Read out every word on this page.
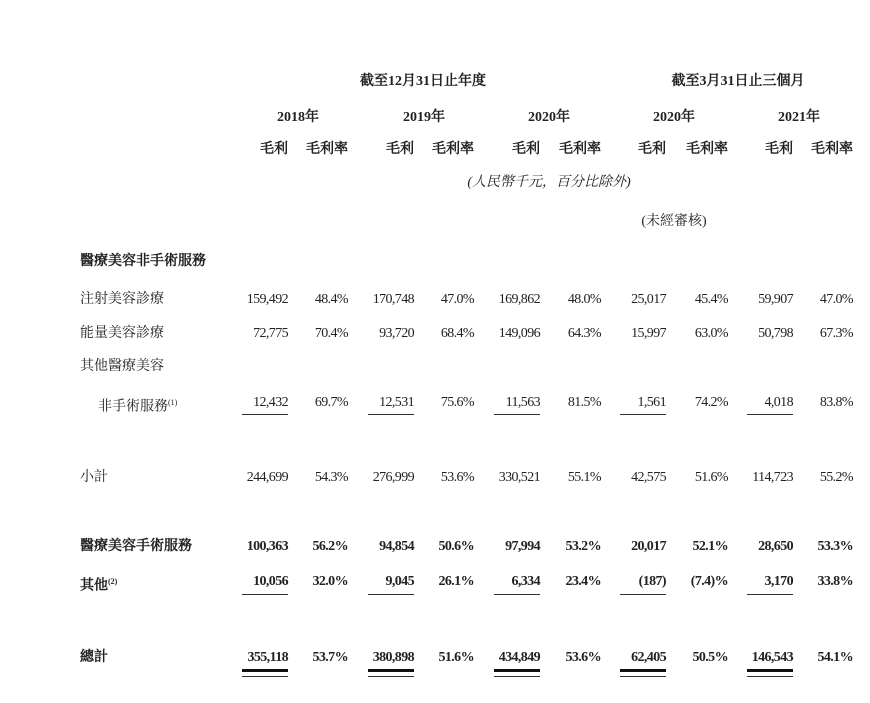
截至12月31日止年度	截至3月31日止三個月
2018年	2019年	2020年	2020年	2021年
毛利 毛利率	毛利 毛利率	毛利 毛利率	毛利 毛利率	毛利 毛利率
(人民幣千元，百分比除外)
(未經審核)
醫療美容非手術服務
注射美容診療	159,492 48.4% 170,748 47.0% 169,862 48.0% 25,017 45.4% 59,907 47.0%
能量美容診療	72,775 70.4% 93,720 68.4% 149,096 64.3% 15,997 63.0% 50,798 67.3%
其他醫療美容
非手術服務$^{(1)}$	12,432 69.7% 12,531 75.6% 11,563 81.5%	1,561 74.2%	4,018 83.8%
小計	244,699 54.3% 276,999 53.6% 330,521 55.1% 42,575 51.6% 114,723 55.2%
醫療美容手術服務	100,363 56.2% 94,854 50.6% 97,994 53.2% 20,017 52.1% 28,650 53.3%
其他$^{(2)}$	10,056 32.0%	9,045 26.1%	6,334 23.4%	(187) (7.4)%	3,170 33.8%
總計	355,118 53.7% 380,898 51.6% 434,849 53.6% 62,405 50.5% 146,543 54.1%
